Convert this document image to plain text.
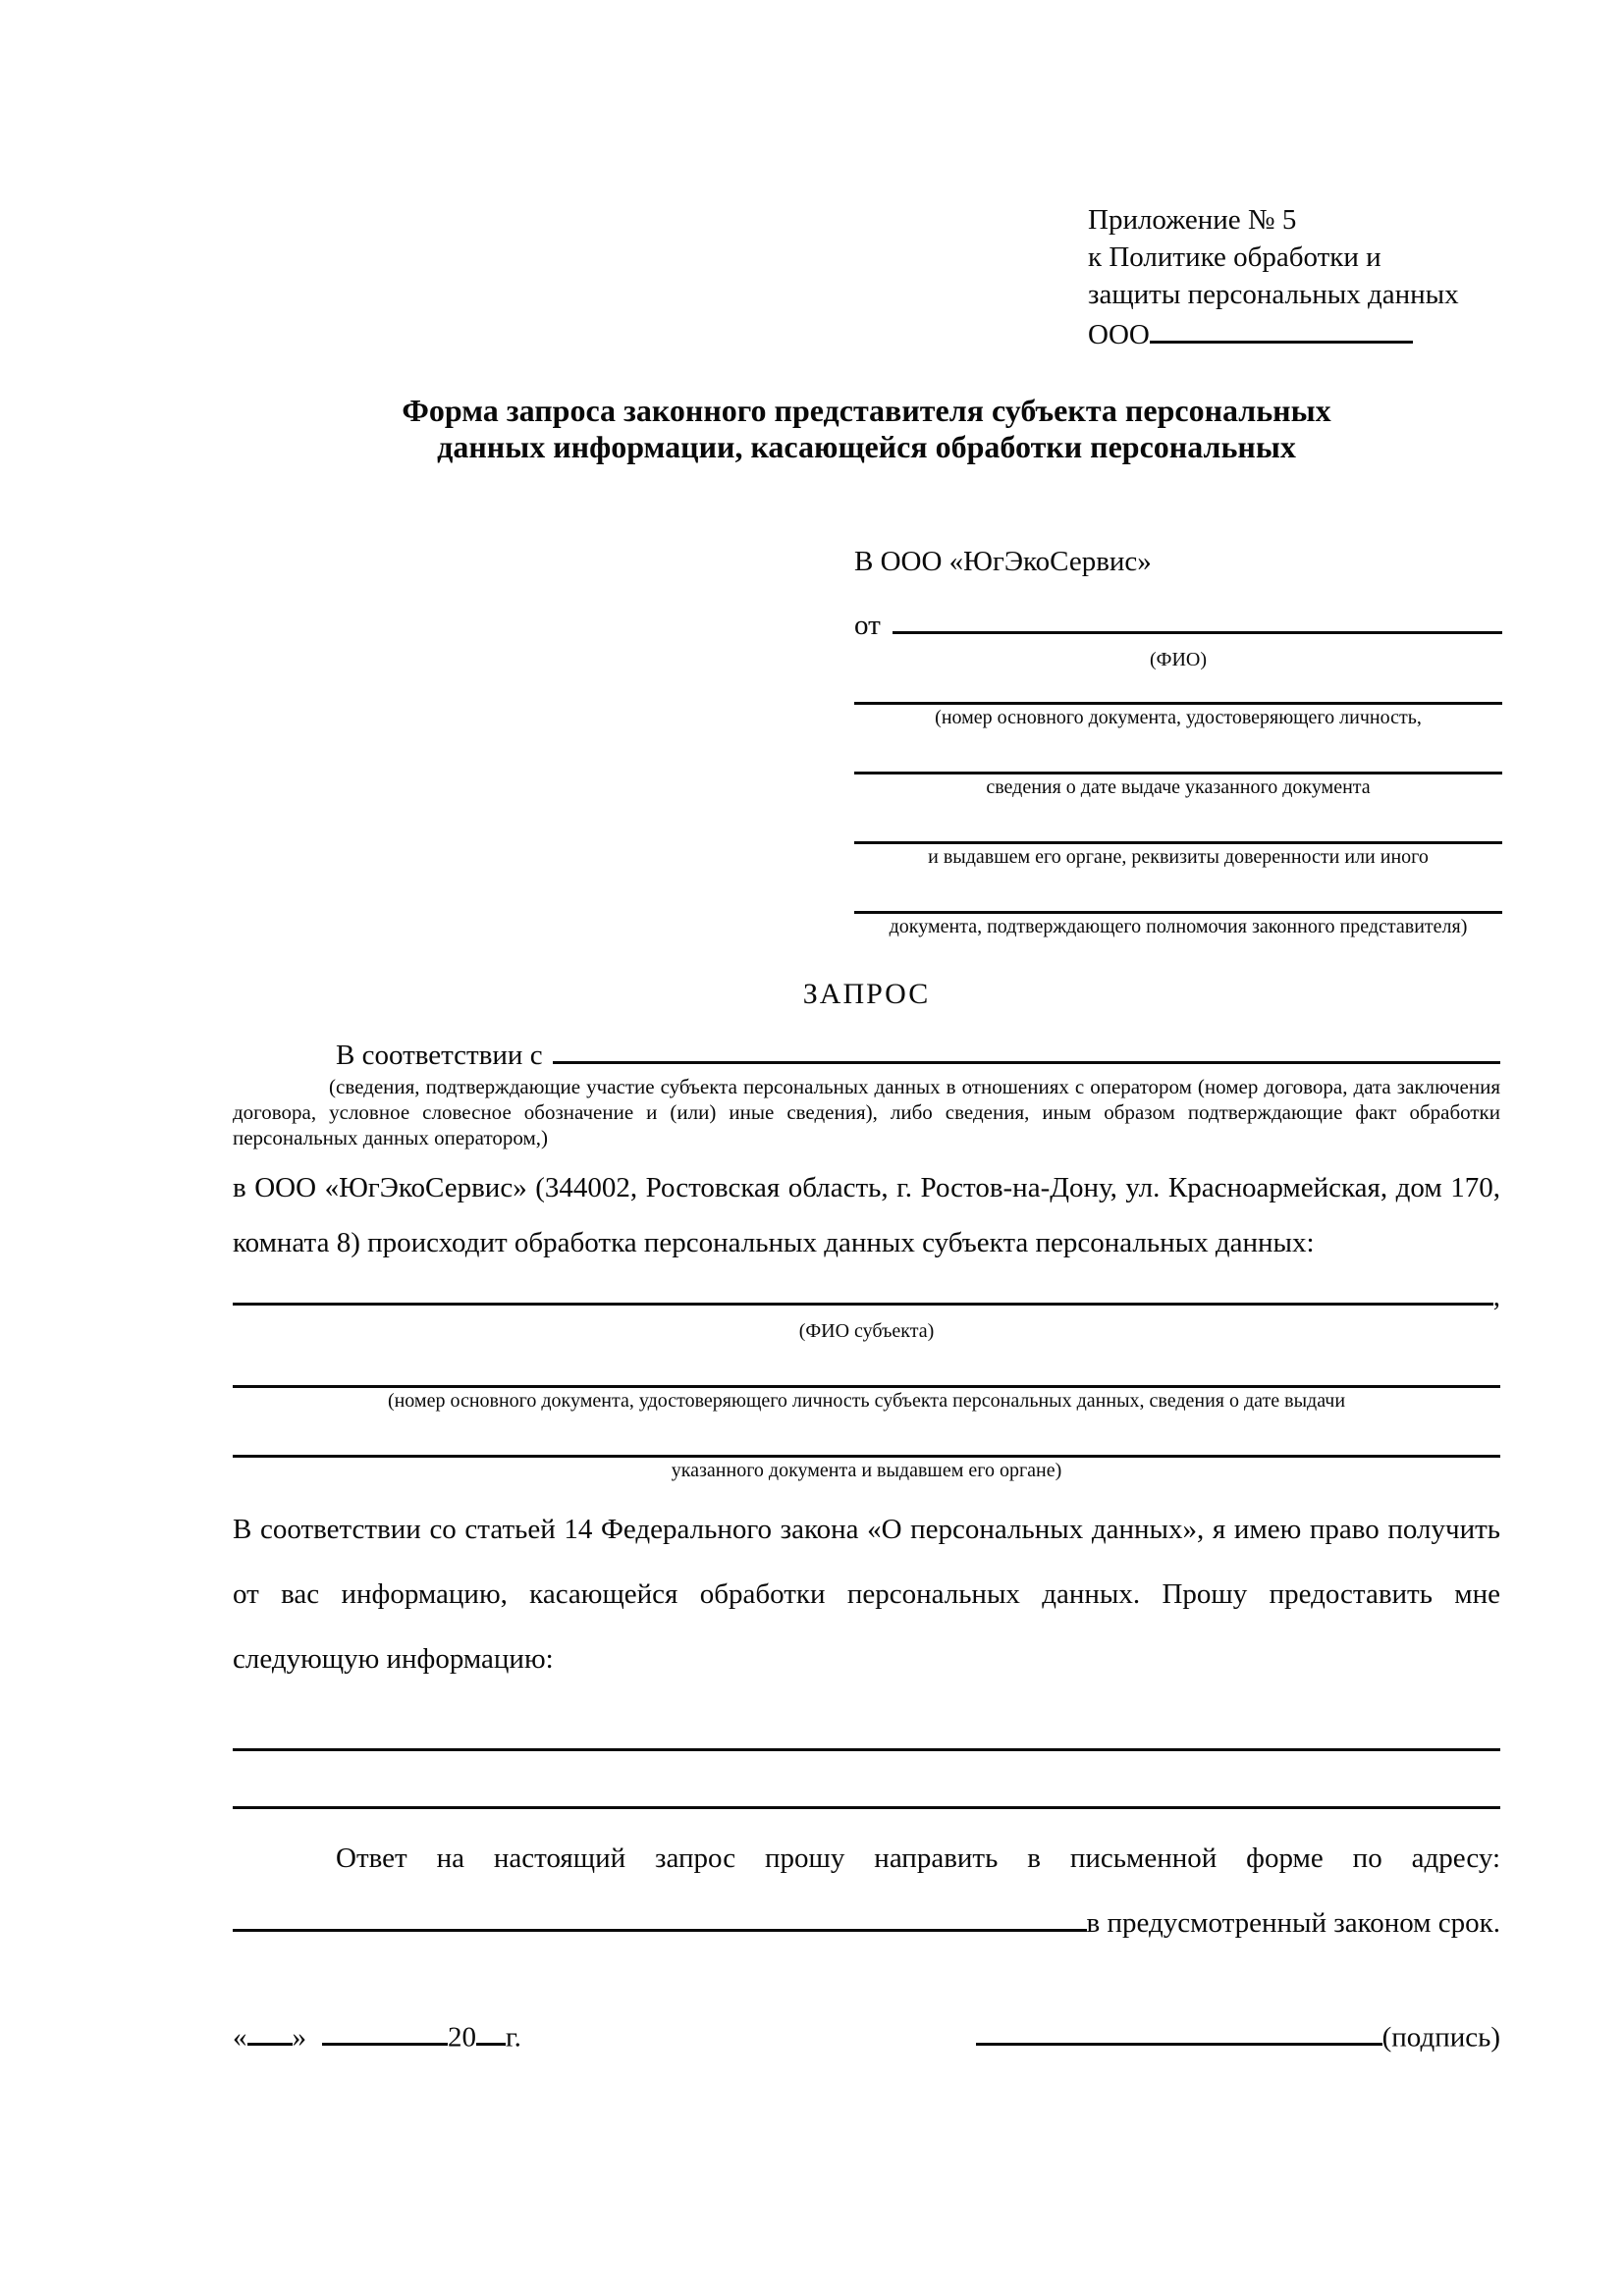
Приложение № 5
к Политике обработки и
защиты персональных данных
ООО
Форма запроса законного представителя субъекта персональных
данных информации, касающейся обработки персональных
В ООО «ЮгЭкоСервис»
от
(ФИО)
(номер основного документа, удостоверяющего личность,
сведения о дате выдаче указанного документа
и выдавшем его органе, реквизиты доверенности или иного
документа, подтверждающего полномочия законного представителя)
ЗАПРОС
В соответствии с
(сведения, подтверждающие участие субъекта персональных данных в отношениях с оператором (номер договора, дата заключения договора, условное словесное обозначение и (или) иные сведения), либо сведения, иным образом подтверждающие факт обработки персональных данных оператором,)
в ООО «ЮгЭкоСервис» (344002, Ростовская область, г. Ростов-на-Дону, ул. Красноармейская, дом 170, комната 8) происходит обработка персональных данных субъекта персональных данных:
,
(ФИО субъекта)
(номер основного документа, удостоверяющего личность субъекта персональных данных, сведения о дате выдачи
указанного документа и выдавшем его органе)
В соответствии со статьей 14 Федерального закона «О персональных данных», я имею право получить от вас информацию, касающейся обработки персональных данных. Прошу предоставить мне следующую информацию:
Ответ на настоящий запрос прошу направить в письменной форме по адресу:
в предусмотренный законом срок.
« »	20 г.	(подпись)
